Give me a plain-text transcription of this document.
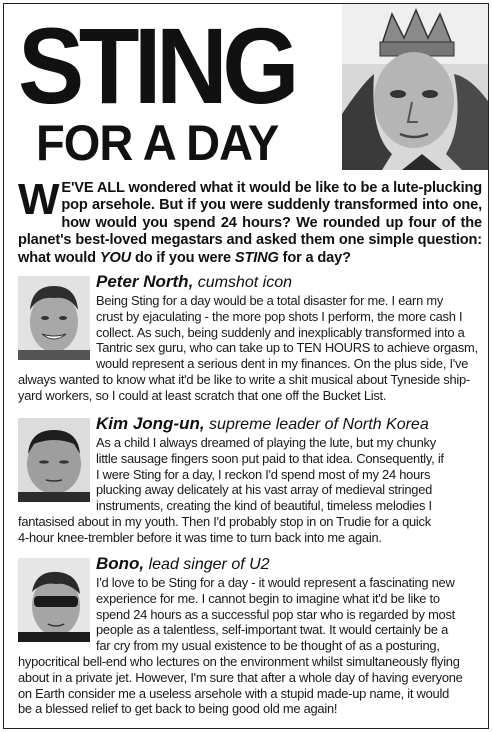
STING
FOR A DAY
W E'VE ALL wondered what it would be like to be a lute-plucking pop arsehole. But if you were suddenly transformed into one, how would you spend 24 hours? We rounded up four of the planet's best-loved megastars and asked them one simple question: what would YOU do if you were STING for a day?
Peter North, cumshot icon
Being Sting for a day would be a total disaster for me. I earn my
crust by ejaculating - the more pop shots I perform, the more cash I
collect. As such, being suddenly and inexplicably transformed into a
Tantric sex guru, who can take up to TEN HOURS to achieve orgasm,
would represent a serious dent in my finances. On the plus side, I've
always wanted to know what it'd be like to write a shit musical about Tyneside ship-
yard workers, so I could at least scratch that one off the Bucket List.
Kim Jong-un, supreme leader of North Korea
As a child I always dreamed of playing the lute, but my chunky
little sausage fingers soon put paid to that idea. Consequently, if
I were Sting for a day, I reckon I'd spend most of my 24 hours
plucking away delicately at his vast array of medieval stringed
instruments, creating the kind of beautiful, timeless melodies I
fantasised about in my youth. Then I'd probably stop in on Trudie for a quick
4-hour knee-trembler before it was time to turn back into me again.
Bono, lead singer of U2
I'd love to be Sting for a day - it would represent a fascinating new
experience for me. I cannot begin to imagine what it'd be like to
spend 24 hours as a successful pop star who is regarded by most
people as a talentless, self-important twat. It would certainly be a
far cry from my usual existence to be thought of as a posturing,
hypocritical bell-end who lectures on the environment whilst simultaneously flying
about in a private jet. However, I'm sure that after a whole day of having everyone
on Earth consider me a useless arsehole with a stupid made-up name, it would
be a blessed relief to get back to being good old me again!
